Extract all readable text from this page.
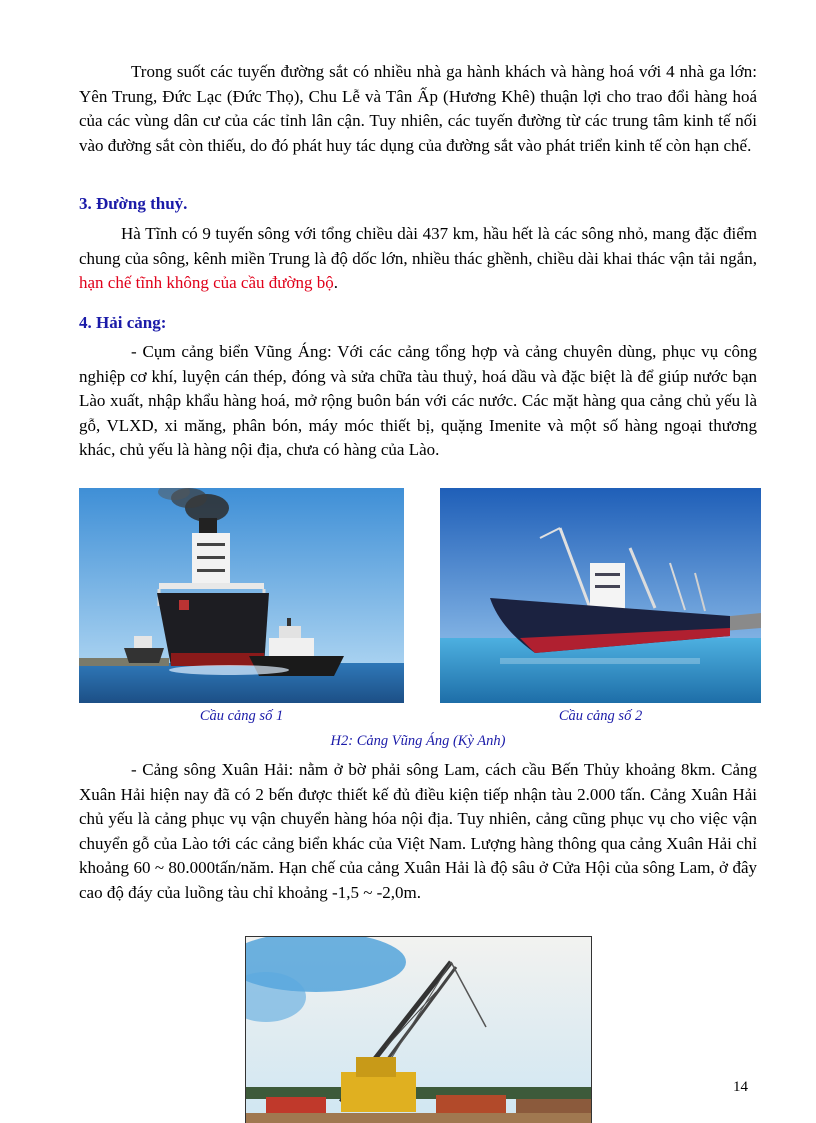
Trong suốt các tuyến đường sắt có nhiều nhà ga hành khách và hàng hoá với 4 nhà ga lớn: Yên Trung, Đức Lạc (Đức Thọ), Chu Lễ và Tân Ấp (Hương Khê) thuận lợi cho trao đổi hàng hoá của các vùng dân cư của các tỉnh lân cận. Tuy nhiên, các tuyến đường từ các trung tâm kinh tế nối vào đường sắt còn thiếu, do đó phát huy tác dụng của đường sắt vào phát triển kinh tế còn hạn chế.

3. Đường thuỷ.

Hà Tĩnh có 9 tuyến sông với tổng chiều dài 437 km, hầu hết là các sông nhỏ, mang đặc điểm chung của sông, kênh miền Trung là độ dốc lớn, nhiều thác ghềnh, chiều dài khai thác vận tải ngắn, hạn chế tĩnh không của cầu đường bộ.

4. Hải cảng:

- Cụm cảng biển Vũng Áng: Với các cảng tổng hợp và cảng chuyên dùng, phục vụ công nghiệp cơ khí, luyện cán thép, đóng và sửa chữa tàu thuỷ, hoá dầu và đặc biệt là để giúp nước bạn Lào xuất, nhập khẩu hàng hoá, mở rộng buôn bán với các nước. Các mặt hàng qua cảng chủ yếu là gỗ, VLXD, xi măng, phân bón, máy móc thiết bị, quặng Imenite và một số hàng ngoại thương khác, chủ yếu là hàng nội địa, chưa có hàng của Lào.

Cầu cảng số 1	Cầu cảng số 2

H2: Cảng Vũng Áng (Kỳ Anh)

- Cảng sông Xuân Hải: nằm ở bờ phải sông Lam, cách cầu Bến Thủy khoảng 8km. Cảng Xuân Hải hiện nay đã có 2 bến được thiết kế đủ điều kiện tiếp nhận tàu 2.000 tấn. Cảng Xuân Hải chủ yếu là cảng phục vụ vận chuyển hàng hóa nội địa. Tuy nhiên, cảng cũng phục vụ cho việc vận chuyển gỗ của Lào tới các cảng biển khác của Việt Nam. Lượng hàng thông qua cảng Xuân Hải chỉ khoảng 60 ~ 80.000tấn/năm. Hạn chế của cảng Xuân Hải là độ sâu ở Cửa Hội của sông Lam, ở đây cao độ đáy của luồng tàu chỉ khoảng -1,5 ~ -2,0m.

14
